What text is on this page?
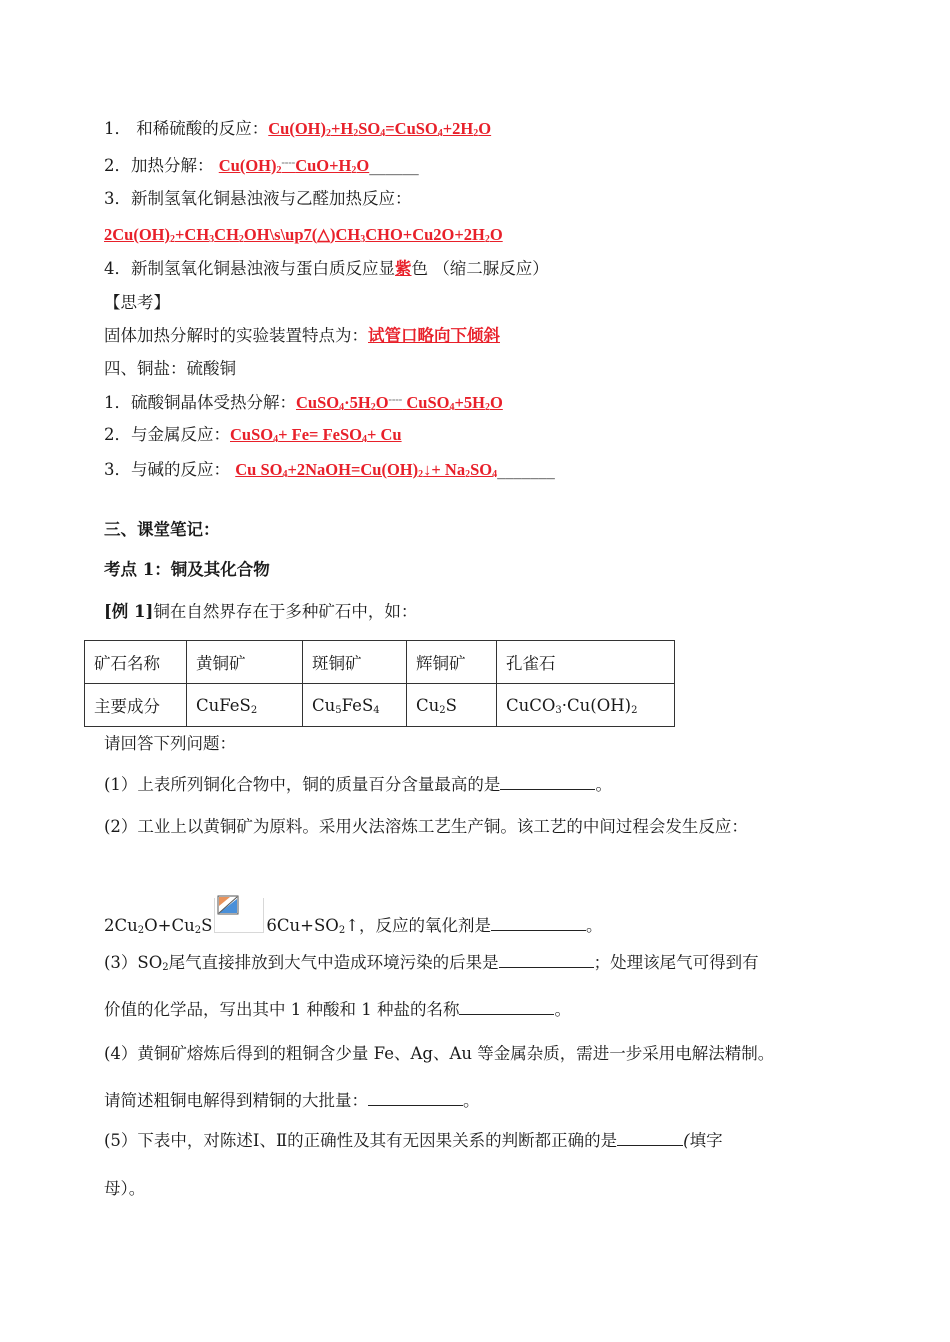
1． 和稀硫酸的反应：$Cu(OH)_2+H_2SO_4=CuSO_4+2H_2O$
2．加热分解： $Cu(OH)_2^{====}CuO+H_2O\_\_\_\_\_\_$
3．新制氢氧化铜悬浊液与乙醛加热反应：
$2Cu(OH)_2+CH_3CH_2OH\backslash s\backslash up7(\triangle)CH_3CHO+Cu2O+2H_2O$
4．新制氢氧化铜悬浊液与蛋白质反应显紫色 （缩二脲反应）
【思考】
固体加热分解时的实验装置特点为：试管口略向下倾斜
四、铜盐：硫酸铜
1．硫酸铜晶体受热分解：$CuSO_4\cdot 5H_2O^{====}$ $CuSO_4+5H_2O$
2．与金属反应：CuSO$_4$+ Fe= FeSO$_4$+ Cu
3．与碱的反应： Cu $SO_4+2NaOH=Cu(OH)_2↓+$ $Na_2SO_4\_\_\_\_\_\_\_$
三、课堂笔记：
考点 1：铜及其化合物
[例 1]铜在自然界存在于多种矿石中，如：
矿石名称	黄铜矿	斑铜矿	辉铜矿	孔雀石
主要成分	CuFeS$_2$	$Cu_5FeS_4$	$Cu_2S$	$CuCO_3\cdot Cu(OH)_2$
请回答下列问题：
(1）上表所列铜化合物中，铜的质量百分含量最高的是	。
(2）工业上以黄铜矿为原料。采用火法溶炼工艺生产铜。该工艺的中间过程会发生反应：
$2Cu_2O+Cu_2S$	$6Cu+SO_2↑$，反应的氧化剂是	。
$(3)SO_2$尾气直接排放到大气中造成环境污染的后果是	；处理该尾气可得到有
价值的化学品，写出其中 1 种酸和 1 种盐的名称	。
(4）黄铜矿熔炼后得到的粗铜含少量 Fe、Ag、Au 等金属杂质，需进一步采用电解法精制。
请简述粗铜电解得到精铜的大批量：	。
(5）下表中，对陈述Ⅰ、Ⅱ的正确性及其有无因果关系的判断都正确的是	(填字
母）。
